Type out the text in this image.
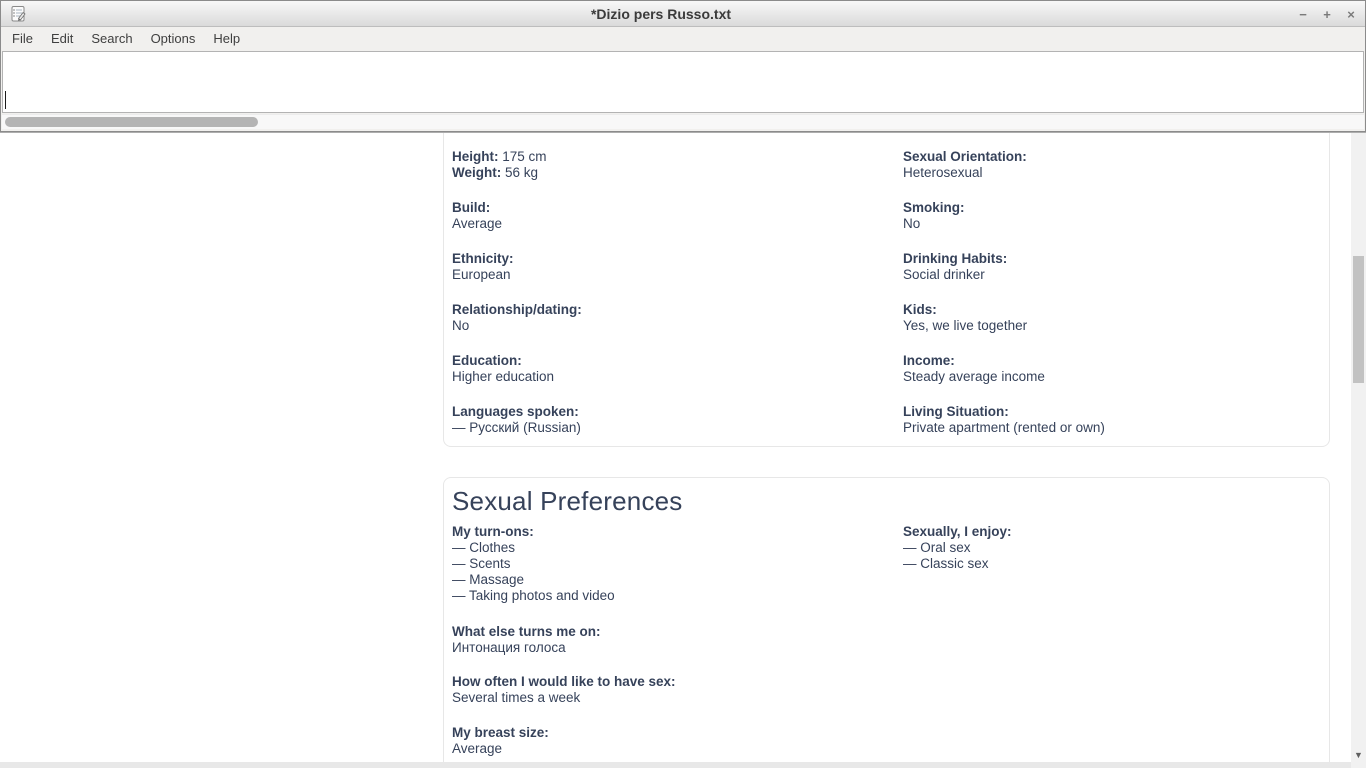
Height: 175 cm
Weight: 56 kg
Build:
Average
Ethnicity:
European
Relationship/dating:
No
Education:
Higher education
Languages spoken:
— Русский (Russian)
Sexual Orientation:
Heterosexual
Smoking:
No
Drinking Habits:
Social drinker
Kids:
Yes, we live together
Income:
Steady average income
Living Situation:
Private apartment (rented or own)
Sexual Preferences
My turn-ons:
— Clothes
— Scents
— Massage
— Taking photos and video
What else turns me on:
Интонация голоса
How often I would like to have sex:
Several times a week
My breast size:
Average
Sexually, I enjoy:
— Oral sex
— Classic sex
▼
*Dizio pers Russo.txt	− + ×
File	Edit	Search	Options	Help
